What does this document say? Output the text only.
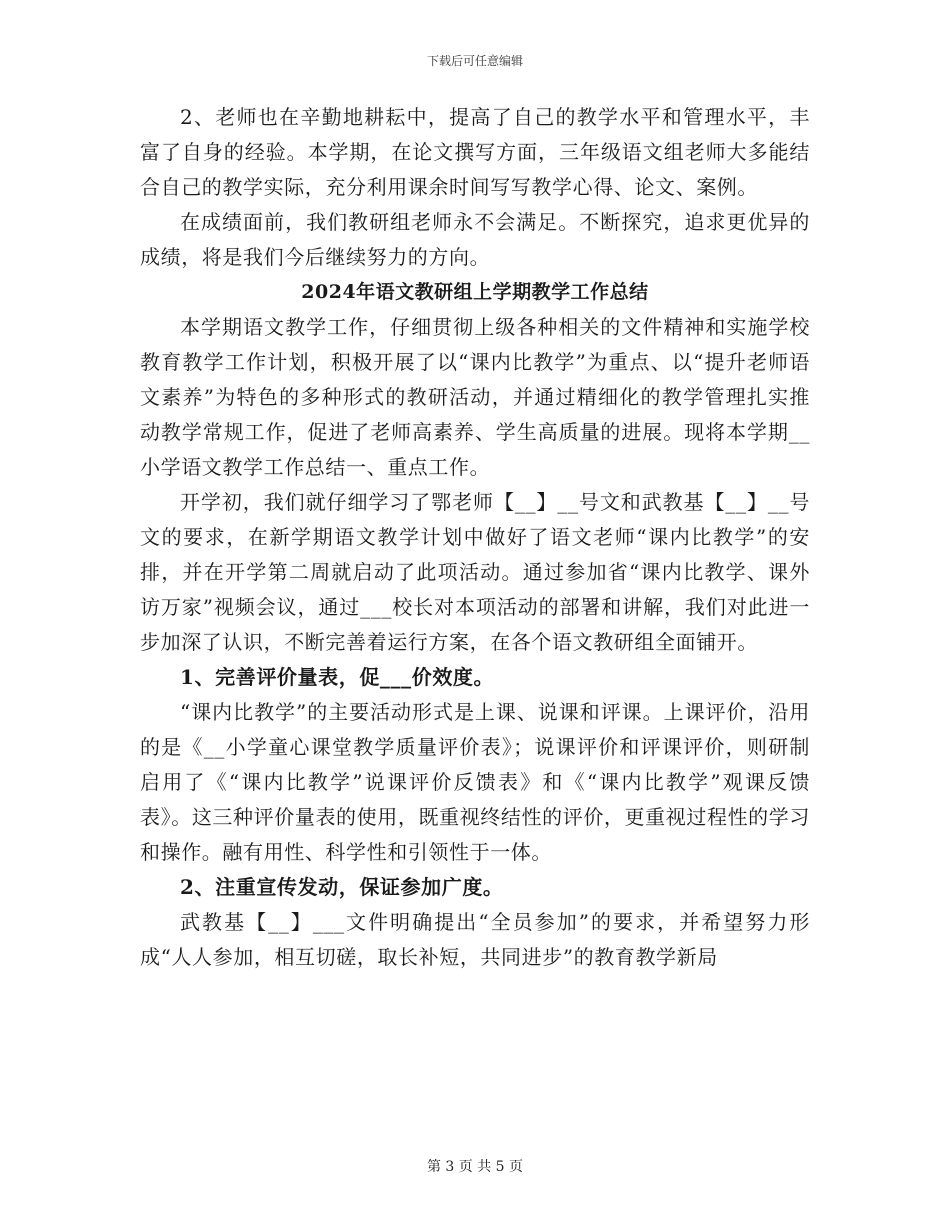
下载后可任意编辑

2、老师也在辛勤地耕耘中，提高了自己的教学水平和管理水平，丰富了自身的经验。本学期，在论文撰写方面，三年级语文组老师大多能结合自己的教学实际，充分利用课余时间写写教学心得、论文、案例。

在成绩面前，我们教研组老师永不会满足。不断探究，追求更优异的成绩，将是我们今后继续努力的方向。

2024年语文教研组上学期教学工作总结

本学期语文教学工作，仔细贯彻上级各种相关的文件精神和实施学校教育教学工作计划，积极开展了以“课内比教学”为重点、以“提升老师语文素养”为特色的多种形式的教研活动，并通过精细化的教学管理扎实推动教学常规工作，促进了老师高素养、学生高质量的进展。现将本学期__小学语文教学工作总结一、重点工作。

开学初，我们就仔细学习了鄂老师【__】__号文和武教基【__】__号文的要求，在新学期语文教学计划中做好了语文老师“课内比教学”的安排，并在开学第二周就启动了此项活动。通过参加省“课内比教学、课外访万家”视频会议，通过___校长对本项活动的部署和讲解，我们对此进一步加深了认识，不断完善着运行方案，在各个语文教研组全面铺开。

1、完善评价量表，促___价效度。

“课内比教学”的主要活动形式是上课、说课和评课。上课评价，沿用的是《__小学童心课堂教学质量评价表》；说课评价和评课评价，则研制启用了《“课内比教学”说课评价反馈表》和《“课内比教学”观课反馈表》。这三种评价量表的使用，既重视终结性的评价，更重视过程性的学习和操作。融有用性、科学性和引领性于一体。

2、注重宣传发动，保证参加广度。

武教基【__】___文件明确提出“全员参加”的要求，并希望努力形成“人人参加，相互切磋，取长补短，共同进步”的教育教学新局

第 3 页 共 5 页
